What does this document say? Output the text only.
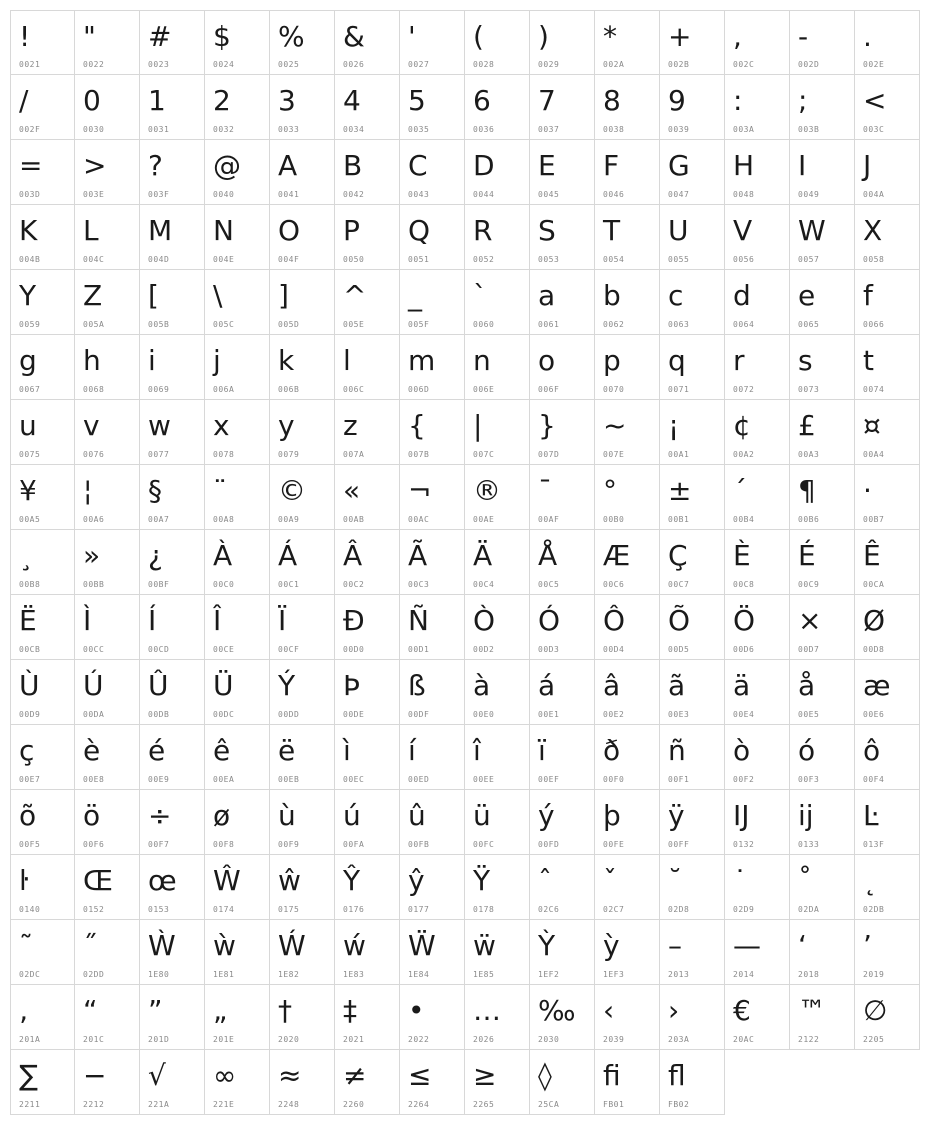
!
0021
"
0022
#
0023
$
0024
%
0025
&
0026
'
0027
(
0028
)
0029
*
002A
+
002B
,
002C
-
002D
.
002E
/
002F
0
0030
1
0031
2
0032
3
0033
4
0034
5
0035
6
0036
7
0037
8
0038
9
0039
:
003A
;
003B
<
003C
=
003D
>
003E
?
003F
@
0040
A
0041
B
0042
C
0043
D
0044
E
0045
F
0046
G
0047
H
0048
I
0049
J
004A
K
004B
L
004C
M
004D
N
004E
O
004F
P
0050
Q
0051
R
0052
S
0053
T
0054
U
0055
V
0056
W
0057
X
0058
Y
0059
Z
005A
[
005B
\
005C
]
005D
^
005E
_
005F
`
0060
a
0061
b
0062
c
0063
d
0064
e
0065
f
0066
g
0067
h
0068
i
0069
j
006A
k
006B
l
006C
m
006D
n
006E
o
006F
p
0070
q
0071
r
0072
s
0073
t
0074
u
0075
v
0076
w
0077
x
0078
y
0079
z
007A
{
007B
|
007C
}
007D
~
007E
¡
00A1
¢
00A2
£
00A3
¤
00A4
¥
00A5
¦
00A6
§
00A7
¨
00A8
©
00A9
«
00AB
¬
00AC
®
00AE
¯
00AF
°
00B0
±
00B1
´
00B4
¶
00B6
·
00B7
¸
00B8
»
00BB
¿
00BF
À
00C0
Á
00C1
Â
00C2
Ã
00C3
Ä
00C4
Å
00C5
Æ
00C6
Ç
00C7
È
00C8
É
00C9
Ê
00CA
Ë
00CB
Ì
00CC
Í
00CD
Î
00CE
Ï
00CF
Ð
00D0
Ñ
00D1
Ò
00D2
Ó
00D3
Ô
00D4
Õ
00D5
Ö
00D6
×
00D7
Ø
00D8
Ù
00D9
Ú
00DA
Û
00DB
Ü
00DC
Ý
00DD
Þ
00DE
ß
00DF
à
00E0
á
00E1
â
00E2
ã
00E3
ä
00E4
å
00E5
æ
00E6
ç
00E7
è
00E8
é
00E9
ê
00EA
ë
00EB
ì
00EC
í
00ED
î
00EE
ï
00EF
ð
00F0
ñ
00F1
ò
00F2
ó
00F3
ô
00F4
õ
00F5
ö
00F6
÷
00F7
ø
00F8
ù
00F9
ú
00FA
û
00FB
ü
00FC
ý
00FD
þ
00FE
ÿ
00FF
Ĳ
0132
ĳ
0133
Ŀ
013F
ŀ
0140
Œ
0152
œ
0153
Ŵ
0174
ŵ
0175
Ŷ
0176
ŷ
0177
Ÿ
0178
ˆ
02C6
ˇ
02C7
˘
02D8
˙
02D9
˚
02DA
˛
02DB
˜
02DC
˝
02DD
Ẁ
1E80
ẁ
1E81
Ẃ
1E82
ẃ
1E83
Ẅ
1E84
ẅ
1E85
Ỳ
1EF2
ỳ
1EF3
–
2013
—
2014
‘
2018
’
2019
‚
201A
“
201C
”
201D
„
201E
†
2020
‡
2021
•
2022
…
2026
‰
2030
‹
2039
›
203A
€
20AC
™
2122
∅
2205
∑
2211
−
2212
√
221A
∞
221E
≈
2248
≠
2260
≤
2264
≥
2265
◊
25CA
ﬁ
FB01
ﬂ
FB02
